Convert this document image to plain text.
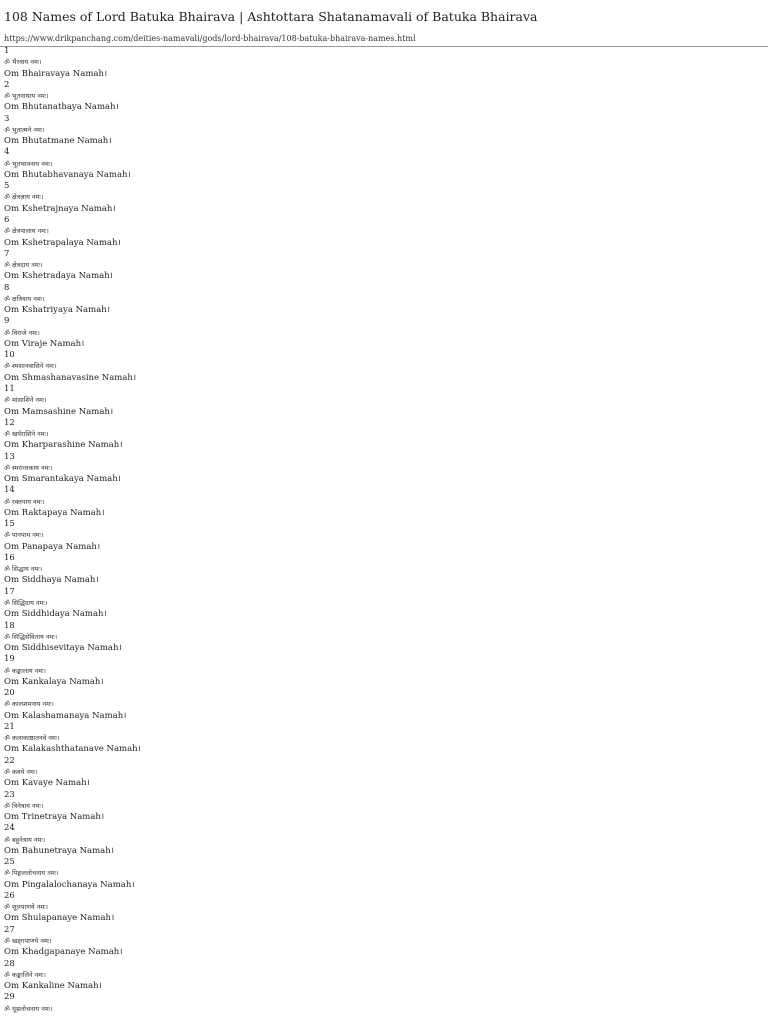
108 Names of Lord Batuka Bhairava | Ashtottara Shatanamavali of Batuka Bhairava
https://www.drikpanchang.com/deities-namavali/gods/lord-bhairava/108-batuka-bhairava-names.html
1
ॐ भैरवाय नमः।
Om Bhairavaya Namah।
2
ॐ भूतनाथाय नमः।
Om Bhutanathaya Namah।
3
ॐ भूतात्मने नमः।
Om Bhutatmane Namah।
4
ॐ भूतभावनाय नमः।
Om Bhutabhavanaya Namah।
5
ॐ क्षेत्रज्ञाय नमः।
Om Kshetrajnaya Namah।
6
ॐ क्षेत्रपालाय नमः।
Om Kshetrapalaya Namah।
7
ॐ क्षेत्रदाय नमः।
Om Kshetradaya Namah।
8
ॐ क्षत्रियाय नमः।
Om Kshatriyaya Namah।
9
ॐ विराजे नमः।
Om Viraje Namah।
10
ॐ श्मशानवासिने नमः।
Om Shmashanavasine Namah।
11
ॐ मांसाशिने नमः।
Om Mamsashine Namah।
12
ॐ खर्पराशिने नमः।
Om Kharparashine Namah।
13
ॐ स्मरान्तकाय नमः।
Om Smarantakaya Namah।
14
ॐ रक्तपाय नमः।
Om Raktapaya Namah।
15
ॐ पानपाय नमः।
Om Panapaya Namah।
16
ॐ सिद्धाय नमः।
Om Siddhaya Namah।
17
ॐ सिद्धिदाय नमः।
Om Siddhidaya Namah।
18
ॐ सिद्धिसेविताय नमः।
Om Siddhisevitaya Namah।
19
ॐ कङ्कालाय नमः।
Om Kankalaya Namah।
20
ॐ कालशमनाय नमः।
Om Kalashamanaya Namah।
21
ॐ कलाकाष्ठातनवे नमः।
Om Kalakashthatanave Namah।
22
ॐ कवये नमः।
Om Kavaye Namah।
23
ॐ त्रिनेत्राय नमः।
Om Trinetraya Namah।
24
ॐ बहुनेत्राय नमः।
Om Bahunetraya Namah।
25
ॐ पिङ्गललोचनाय नमः।
Om Pingalalochanaya Namah।
26
ॐ शूलपाणये नमः।
Om Shulapanaye Namah।
27
ॐ खड्गपाणये नमः।
Om Khadgapanaye Namah।
28
ॐ कङ्कालिने नमः।
Om Kankaline Namah।
29
ॐ धूम्रलोचनाय नमः।
